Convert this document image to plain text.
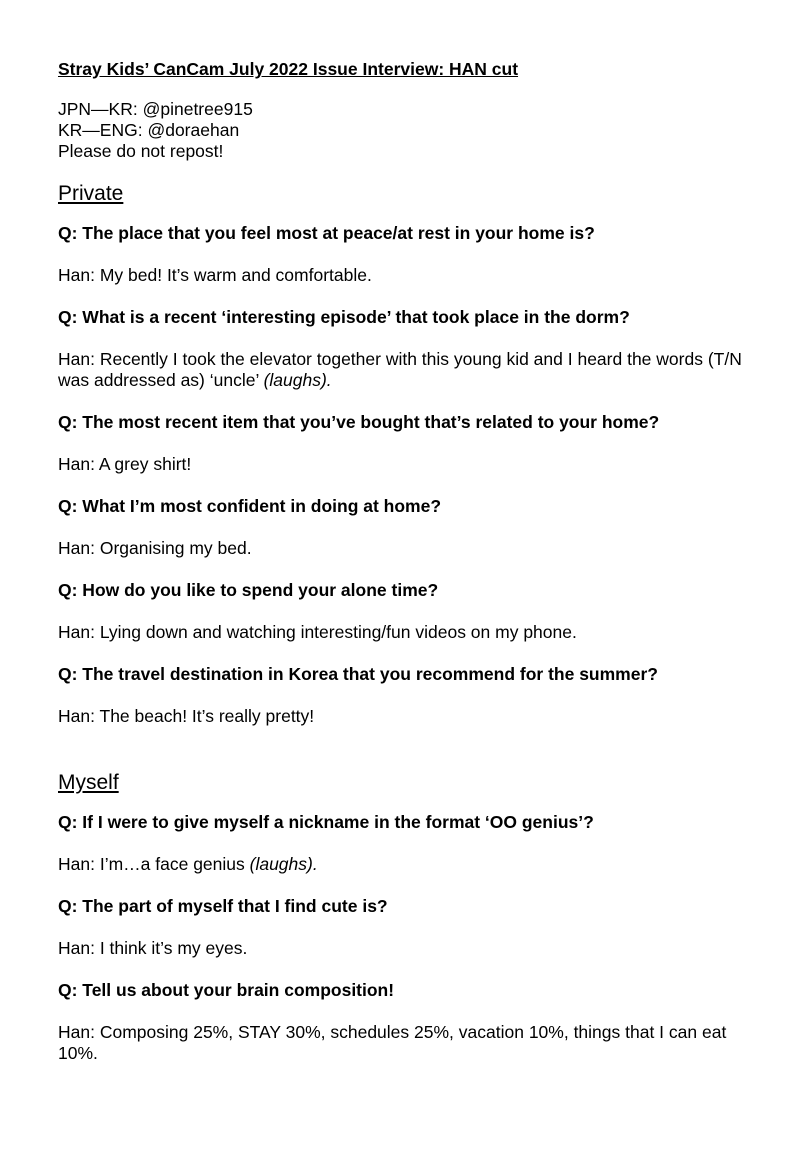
Stray Kids’ CanCam July 2022 Issue Interview: HAN cut
JPN—KR: @pinetree915
KR—ENG: @doraehan
Please do not repost!
Private

Q: The place that you feel most at peace/at rest in your home is?

Han: My bed! It’s warm and comfortable.

Q: What is a recent ‘interesting episode’ that took place in the dorm?

Han: Recently I took the elevator together with this young kid and I heard the words (T/N was addressed as) ‘uncle’ (laughs).

Q: The most recent item that you’ve bought that’s related to your home?

Han: A grey shirt!

Q: What I’m most confident in doing at home?

Han: Organising my bed.

Q: How do you like to spend your alone time?

Han: Lying down and watching interesting/fun videos on my phone.

Q: The travel destination in Korea that you recommend for the summer?

Han: The beach! It’s really pretty!

Myself

Q: If I were to give myself a nickname in the format ‘OO genius’?

Han: I’m…a face genius (laughs).

Q: The part of myself that I find cute is?

Han: I think it’s my eyes.

Q: Tell us about your brain composition!

Han: Composing 25%, STAY 30%, schedules 25%, vacation 10%, things that I can eat 10%.
